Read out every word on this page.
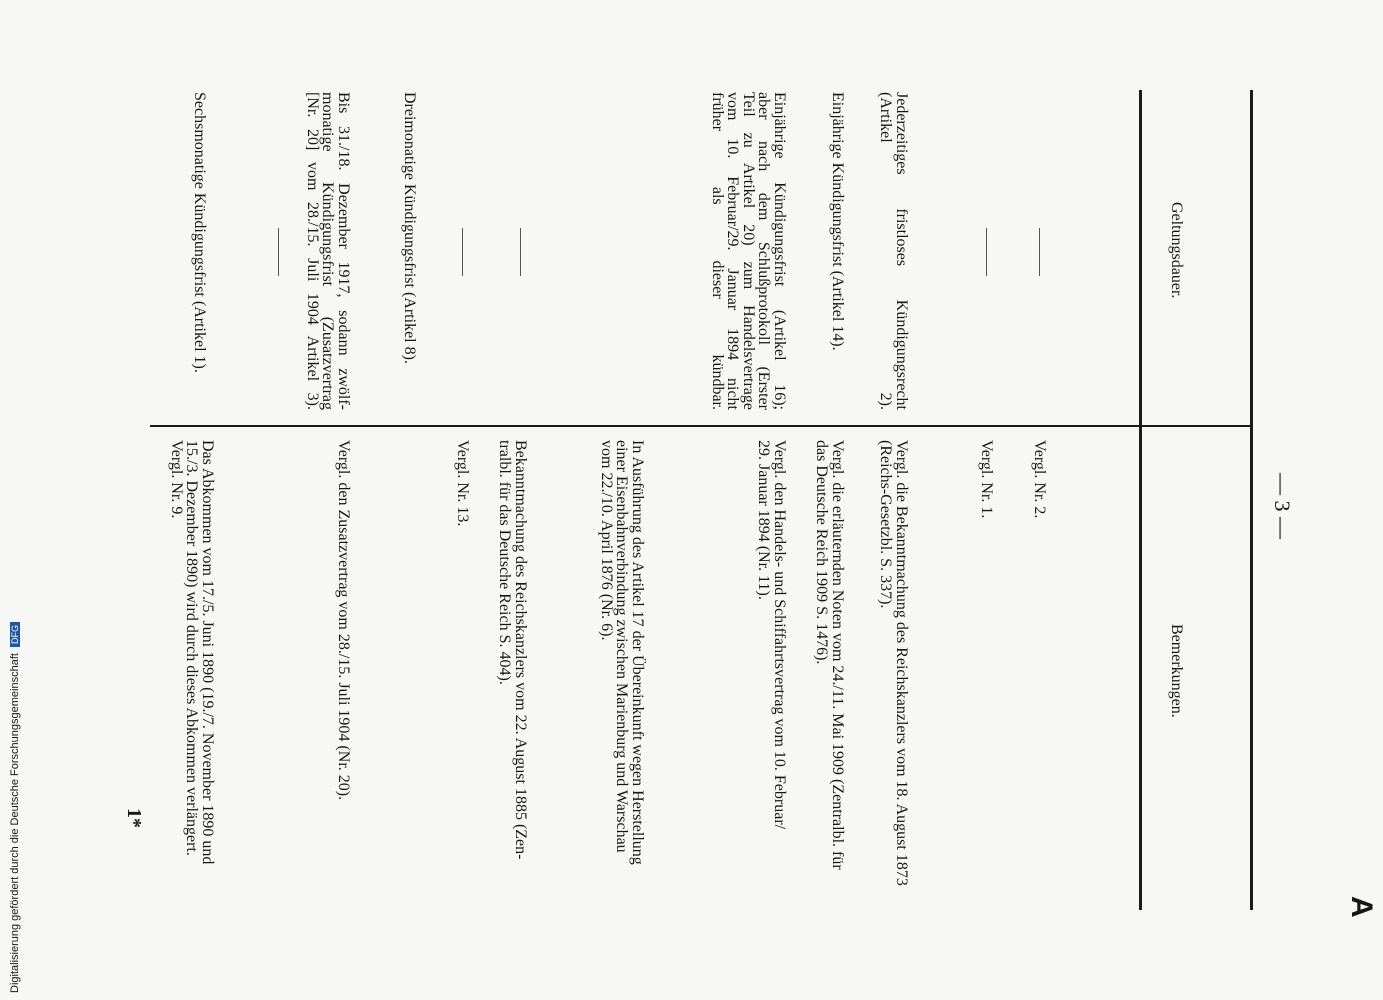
A
— 3 —
Geltungsdauer.
Bemerkungen.
Vergl. Nr. 2.
Vergl. Nr. 1.
Jederzeitiges fristloses Kündigungsrecht
(Artikel 2).
Vergl. die Bekanntmachung des Reichskanzlers vom 18. August 1873
(Reichs-Gesetzbl. S. 337).
Einjährige Kündigungsfrist (Artikel 14).
Vergl. die erläuternden Noten vom 24./11. Mai 1909 (Zentralbl. für
das Deutsche Reich 1909 S. 1476).
Einjährige Kündigungsfrist (Artikel 16);
aber nach dem Schlußprotokoll (Erster
Teil zu Artikel 20) zum Handelsvertrage
vom 10. Februar/29. Januar 1894 nicht
früher als dieser kündbar.
Vergl. den Handels- und Schiffahrtsvertrag vom 10. Februar/
29. Januar 1894 (Nr. 11).
In Ausführung des Artikel 17 der Übereinkunft wegen Herstellung
einer Eisenbahnverbindung zwischen Marienburg und Warschau
vom 22./10. April 1876 (Nr. 6).
Bekanntmachung des Reichskanzlers vom 22. August 1885 (Zen-
tralbl. für das Deutsche Reich S. 404).
Dreimonatige Kündigungsfrist (Artikel 8).
Vergl. Nr. 13.
Bis 31./18. Dezember 1917, sodann zwölf-
monatige Kündigungsfrist (Zusatzvertrag
[Nr. 20] vom 28./15. Juli 1904 Artikel 3).
Vergl. den Zusatzvertrag vom 28./15. Juli 1904 (Nr. 20).
Sechsmonatige Kündigungsfrist (Artikel 1).
Das Abkommen vom 17./5. Juni 1890 (19./7. November 1890 und
15./3. Dezember 1890) wird durch dieses Abkommen verlängert.
Vergl. Nr. 9.
1*
Digitalisierung gefördert durch die Deutsche Forschungsgemeinschaft DFG
